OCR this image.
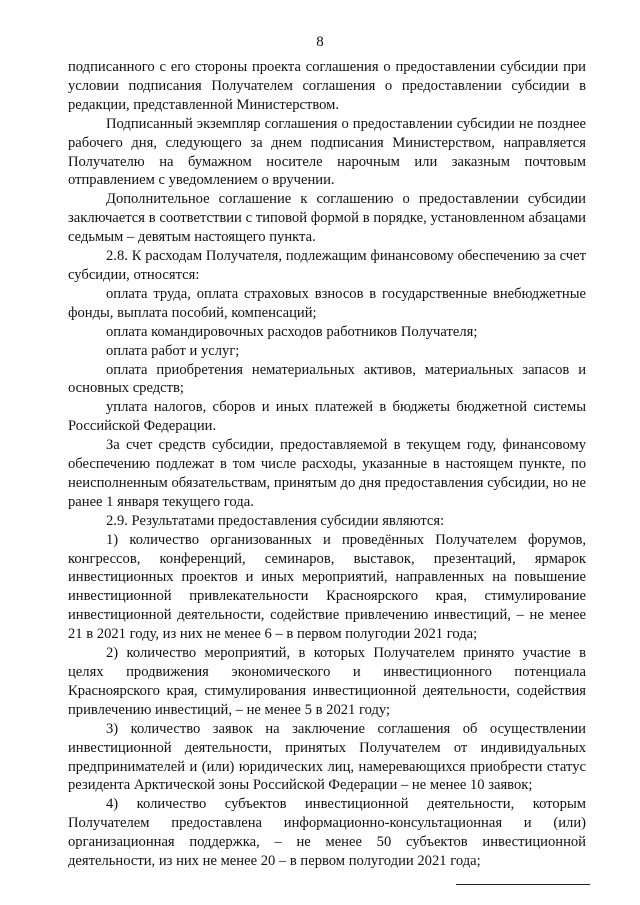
8

подписанного с его стороны проекта соглашения о предоставлении субсидии при условии подписания Получателем соглашения о предоставлении субсидии в редакции, представленной Министерством.

Подписанный экземпляр соглашения о предоставлении субсидии не позднее рабочего дня, следующего за днем подписания Министерством, направляется Получателю на бумажном носителе нарочным или заказным почтовым отправлением с уведомлением о вручении.

Дополнительное соглашение к соглашению о предоставлении субсидии заключается в соответствии с типовой формой в порядке, установленном абзацами седьмым – девятым настоящего пункта.

2.8. К расходам Получателя, подлежащим финансовому обеспечению за счет субсидии, относятся:

оплата труда, оплата страховых взносов в государственные внебюджетные фонды, выплата пособий, компенсаций;

оплата командировочных расходов работников Получателя;

оплата работ и услуг;

оплата приобретения нематериальных активов, материальных запасов и основных средств;

уплата налогов, сборов и иных платежей в бюджеты бюджетной системы Российской Федерации.

За счет средств субсидии, предоставляемой в текущем году, финансовому обеспечению подлежат в том числе расходы, указанные в настоящем пункте, по неисполненным обязательствам, принятым до дня предоставления субсидии, но не ранее 1 января текущего года.

2.9. Результатами предоставления субсидии являются:

1) количество организованных и проведённых Получателем форумов, конгрессов, конференций, семинаров, выставок, презентаций, ярмарок инвестиционных проектов и иных мероприятий, направленных на повышение инвестиционной привлекательности Красноярского края, стимулирование инвестиционной деятельности, содействие привлечению инвестиций, – не менее 21 в 2021 году, из них не менее 6 – в первом полугодии 2021 года;

2) количество мероприятий, в которых Получателем принято участие в целях продвижения экономического и инвестиционного потенциала Красноярского края, стимулирования инвестиционной деятельности, содействия привлечению инвестиций, – не менее 5 в 2021 году;

3) количество заявок на заключение соглашения об осуществлении инвестиционной деятельности, принятых Получателем от индивидуальных предпринимателей и (или) юридических лиц, намеревающихся приобрести статус резидента Арктической зоны Российской Федерации – не менее 10 заявок;

4) количество субъектов инвестиционной деятельности, которым Получателем предоставлена информационно-консультационная и (или) организационная поддержка, – не менее 50 субъектов инвестиционной деятельности, из них не менее 20 – в первом полугодии 2021 года;
